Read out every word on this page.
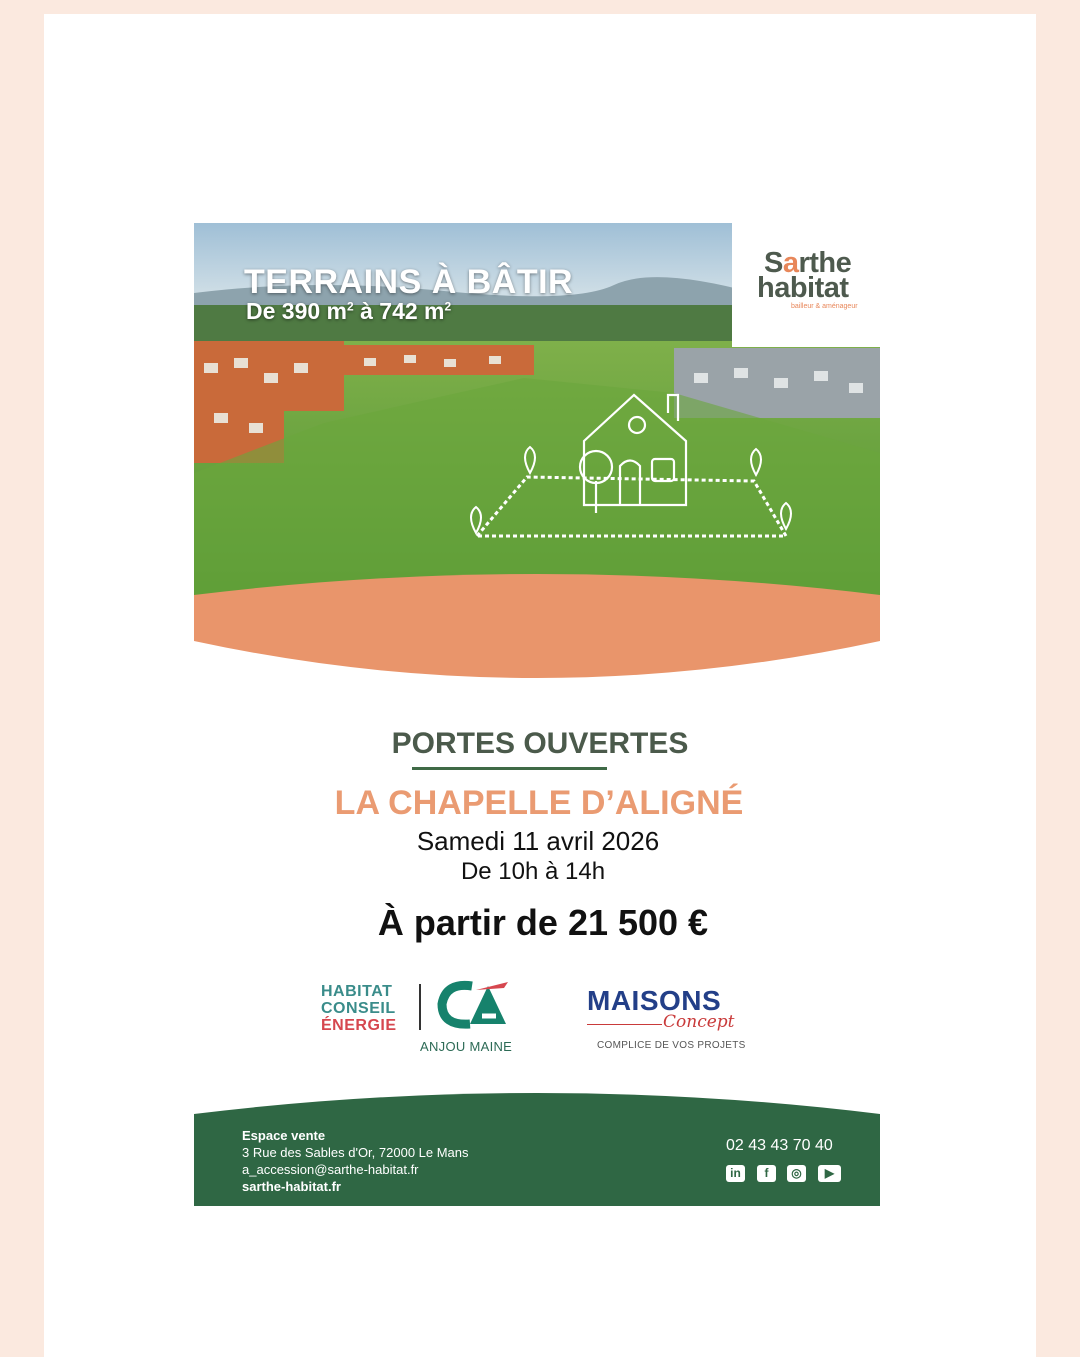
TERRAINS À BÂTIR
De 390 $m^2$ à 742 $m^2$
Sarthe
habitat
bailleur & aménageur
PORTES OUVERTES
LA CHAPELLE D’ALIGNÉ
Samedi 11 avril 2026
De 10h à 14h
À partir de 21 500 €
HABITAT
CONSEIL
ÉNERGIE
ANJOU MAINE
MAISONS
Concept
COMPLICE DE VOS PROJETS
Espace vente
3 Rue des Sables d'Or, 72000 Le Mans
a_accession@sarthe-habitat.fr
sarthe-habitat.fr
02 43 43 70 40
in	f	◎	▶
